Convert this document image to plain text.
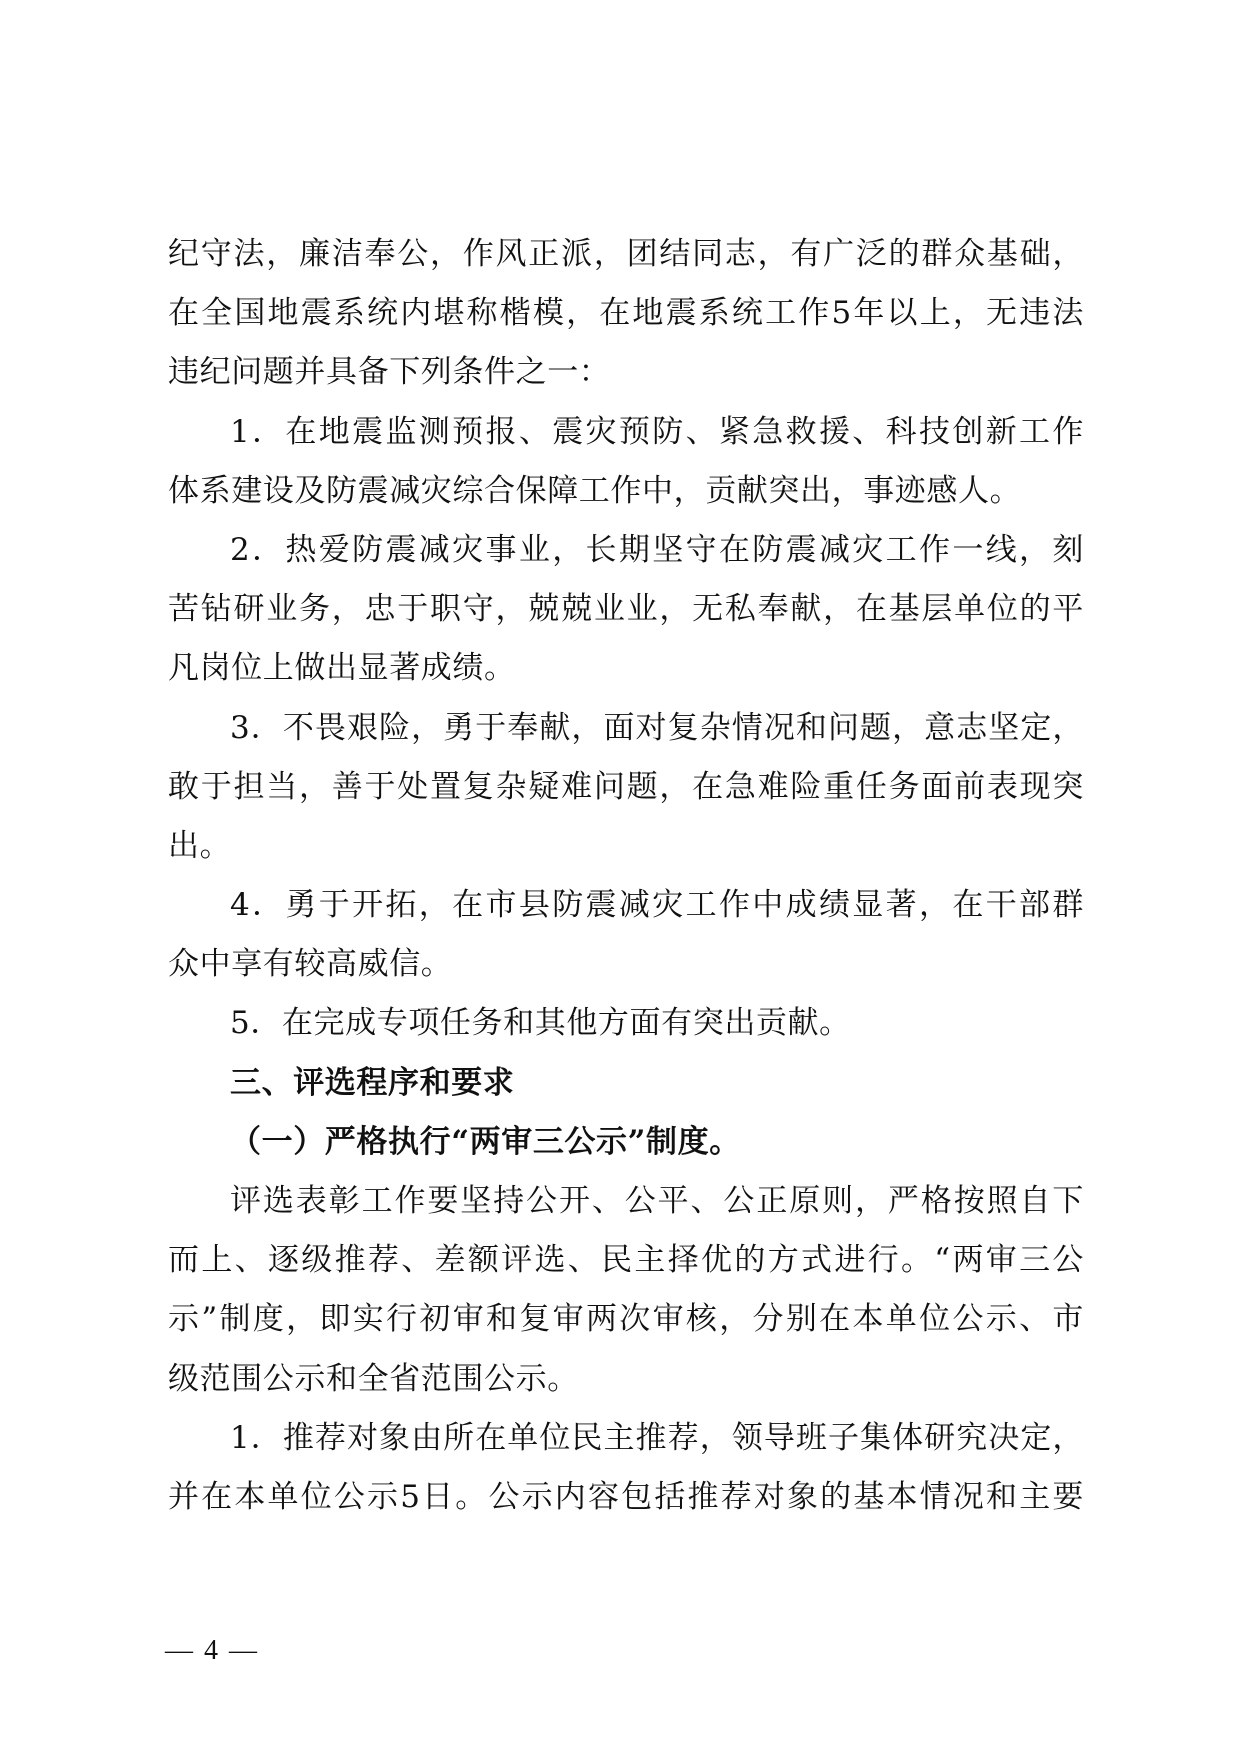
纪守法，廉洁奉公，作风正派，团结同志，有广泛的群众基础，
在全国地震系统内堪称楷模，在地震系统工作5年以上，无违法
违纪问题并具备下列条件之一：
1．在地震监测预报、震灾预防、紧急救援、科技创新工作
体系建设及防震减灾综合保障工作中，贡献突出，事迹感人。
2．热爱防震减灾事业，长期坚守在防震减灾工作一线，刻
苦钻研业务，忠于职守，兢兢业业，无私奉献，在基层单位的平
凡岗位上做出显著成绩。
3．不畏艰险，勇于奉献，面对复杂情况和问题，意志坚定，
敢于担当，善于处置复杂疑难问题，在急难险重任务面前表现突
出。
4．勇于开拓，在市县防震减灾工作中成绩显著，在干部群
众中享有较高威信。
5．在完成专项任务和其他方面有突出贡献。
三、评选程序和要求
（一）严格执行“两审三公示”制度。
评选表彰工作要坚持公开、公平、公正原则，严格按照自下
而上、逐级推荐、差额评选、民主择优的方式进行。“两审三公
示”制度，即实行初审和复审两次审核，分别在本单位公示、市
级范围公示和全省范围公示。
1．推荐对象由所在单位民主推荐，领导班子集体研究决定，
并在本单位公示5日。公示内容包括推荐对象的基本情况和主要
— 4 —
